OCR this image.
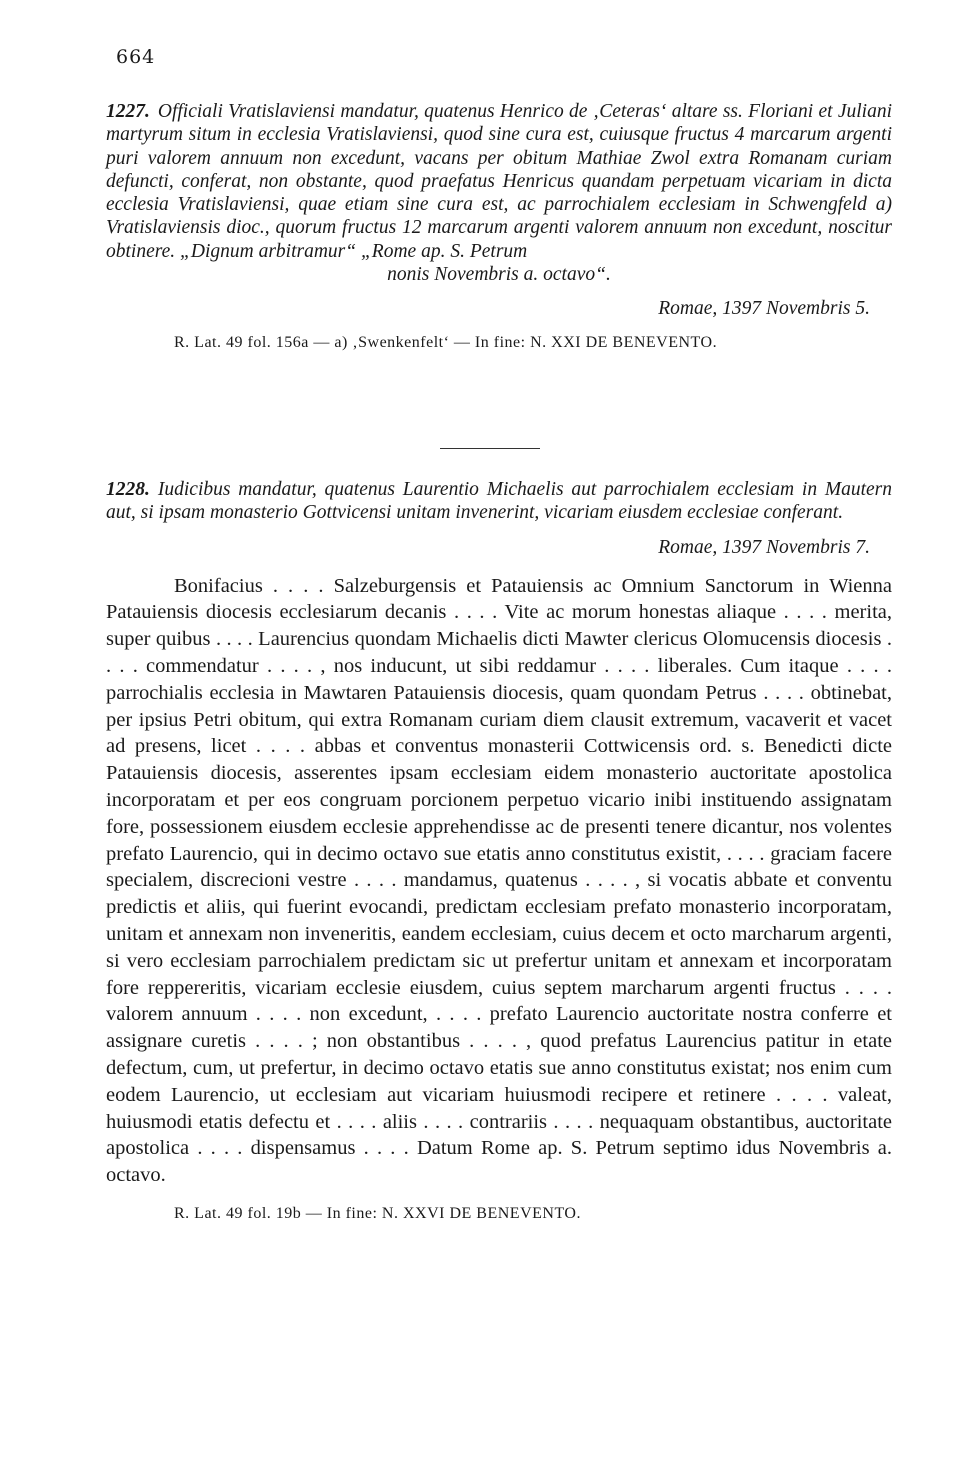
664
1227. Officiali Vratislaviensi mandatur, quatenus Henrico de ‚Ceteras‘ altare ss. Floriani et Juliani martyrum situm in ecclesia Vratislaviensi, quod sine cura est, cuiusque fructus 4 marcarum argenti puri valorem annuum non excedunt, vacans per obitum Mathiae Zwol extra Romanam curiam defuncti, conferat, non obstante, quod praefatus Henricus quandam perpetuam vicariam in dicta ecclesia Vratislaviensi, quae etiam sine cura est, ac parrochialem ecclesiam in Schwengfeld a) Vratislaviensis dioc., quorum fructus 12 marcarum argenti valorem annuum non excedunt, noscitur obtinere. „Dignum arbitramur“ „Rome ap. S. Petrum
nonis Novembris a. octavo“.
Romae, 1397 Novembris 5.
R. Lat. 49 fol. 156a — a) ‚Swenkenfelt‘ — In fine: N. XXI DE BENEVENTO.
1228. Iudicibus mandatur, quatenus Laurentio Michaelis aut parrochialem ecclesiam in Mautern aut, si ipsam monasterio Gottvicensi unitam invenerint, vicariam eiusdem ecclesiae conferant.
Romae, 1397 Novembris 7.
Bonifacius . . . . Salzeburgensis et Patauiensis ac Omnium Sanctorum in Wienna Patauiensis diocesis ecclesiarum decanis . . . . Vite ac morum honestas aliaque . . . . merita, super quibus . . . . Laurencius quondam Michaelis dicti Mawter clericus Olomucensis diocesis . . . . commendatur . . . . , nos inducunt, ut sibi reddamur . . . . liberales. Cum itaque . . . . parrochialis ecclesia in Mawtaren Patauiensis diocesis, quam quondam Petrus . . . . obtinebat, per ipsius Petri obitum, qui extra Romanam curiam diem clausit extremum, vacaverit et vacet ad presens, licet . . . . abbas et conventus monasterii Cottwicensis ord. s. Benedicti dicte Patauiensis diocesis, asserentes ipsam ecclesiam eidem monasterio auctoritate apostolica incorporatam et per eos congruam porcionem perpetuo vicario inibi instituendo assignatam fore, possessionem eiusdem ecclesie apprehendisse ac de presenti tenere dicantur, nos volentes prefato Laurencio, qui in decimo octavo sue etatis anno constitutus existit, . . . . graciam facere specialem, discrecioni vestre . . . . mandamus, quatenus . . . . , si vocatis abbate et conventu predictis et aliis, qui fuerint evocandi, predictam ecclesiam prefato monasterio incorporatam, unitam et annexam non inveneritis, eandem ecclesiam, cuius decem et octo marcharum argenti, si vero ecclesiam parrochialem predictam sic ut prefertur unitam et annexam et incorporatam fore reppereritis, vicariam ecclesie eiusdem, cuius septem marcharum argenti fructus . . . . valorem annuum . . . . non excedunt, . . . . prefato Laurencio auctoritate nostra conferre et assignare curetis . . . . ; non obstantibus . . . . , quod prefatus Laurencius patitur in etate defectum, cum, ut prefertur, in decimo octavo etatis sue anno constitutus existat; nos enim cum eodem Laurencio, ut ecclesiam aut vicariam huiusmodi recipere et retinere . . . . valeat, huiusmodi etatis defectu et . . . . aliis . . . . contrariis . . . . nequaquam obstantibus, auctoritate apostolica . . . . dispensamus . . . . Datum Rome ap. S. Petrum septimo idus Novembris a. octavo.
R. Lat. 49 fol. 19b — In fine: N. XXVI DE BENEVENTO.
